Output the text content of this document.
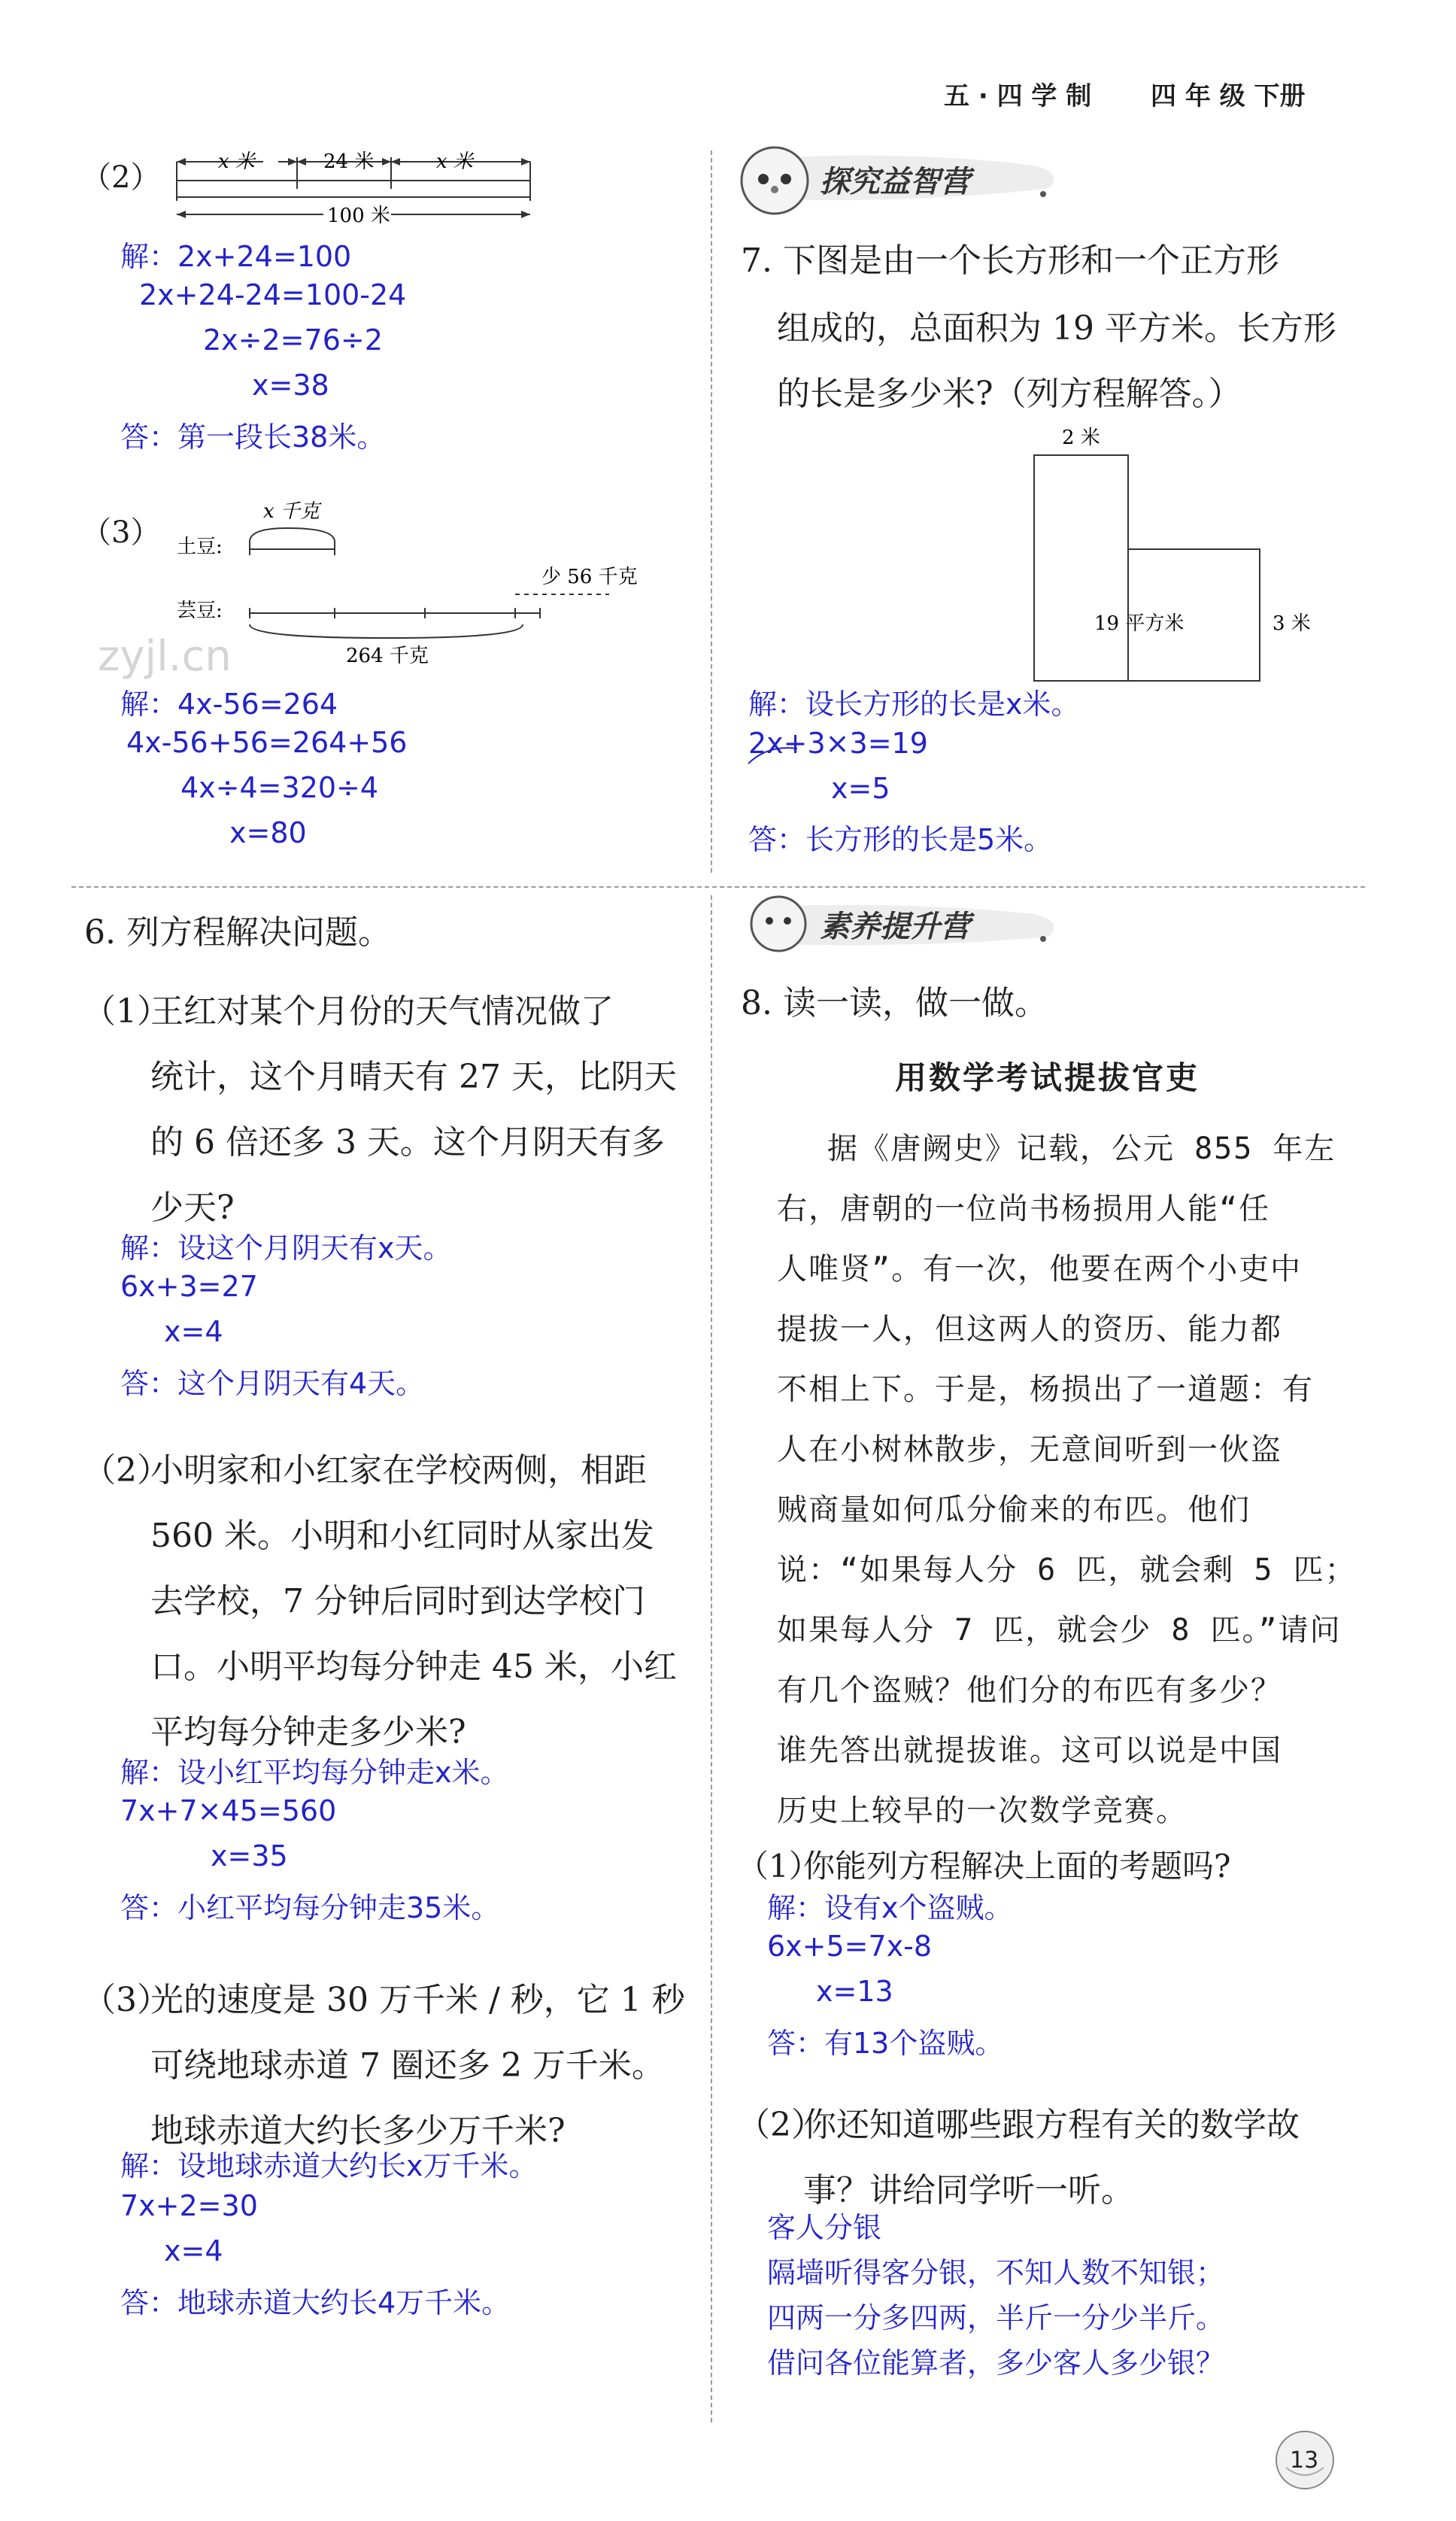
五 · 四 学 制 四 年 级 下册
（2）	x 米	24 米	x 米
100 米
解：2x+24=100
2x+24-24=100-24
2x÷2=76÷2
x=38
答：第一段长38米。
（3）
x 千克
土豆:
芸豆:
少 56 千克
264 千克
zyjl.cn
解：4x-56=264
4x-56+56=264+56
4x÷4=320÷4
x=80
6. 列方程解决问题。
（1）
王红对某个月份的天气情况做了
统计，这个月晴天有 27 天，比阴天
的 6 倍还多 3 天。这个月阴天有多
少天?
解：设这个月阴天有x天。
6x+3=27
x=4
答：这个月阴天有4天。
（2）
小明家和小红家在学校两侧，相距
560 米。小明和小红同时从家出发
去学校，7 分钟后同时到达学校门
口。小明平均每分钟走 45 米，小红
平均每分钟走多少米?
解：设小红平均每分钟走x米。
7x+7×45=560
x=35
答：小红平均每分钟走35米。
（3）
光的速度是 30 万千米 / 秒，它 1 秒
可绕地球赤道 7 圈还多 2 万千米。
地球赤道大约长多少万千米?
解：设地球赤道大约长x万千米。
7x+2=30
x=4
答：地球赤道大约长4万千米。
探究益智营
7. 下图是由一个长方形和一个正方形
组成的，总面积为 19 平方米。长方形
的长是多少米?（列方程解答。）
2 米
19 平方米	3 米
解：设长方形的长是x米。
2x+3×3=19
x=5
答：长方形的长是5米。
素养提升营
8. 读一读，做一做。
用数学考试提拔官吏
据《唐阙史》记载，公元 855 年左
右，唐朝的一位尚书杨损用人能“任
人唯贤”。有一次，他要在两个小吏中
提拔一人，但这两人的资历、能力都
不相上下。于是，杨损出了一道题：有
人在小树林散步，无意间听到一伙盗
贼商量如何瓜分偷来的布匹。他们
说：“如果每人分 6 匹，就会剩 5 匹；
如果每人分 7 匹，就会少 8 匹。”请问
有几个盗贼？他们分的布匹有多少？
谁先答出就提拔谁。这可以说是中国
历史上较早的一次数学竞赛。
（1）
你能列方程解决上面的考题吗?
解：设有x个盗贼。
6x+5=7x-8
x=13
答：有13个盗贼。
（2）
你还知道哪些跟方程有关的数学故
事？讲给同学听一听。
客人分银
隔墙听得客分银，不知人数不知银；
四两一分多四两，半斤一分少半斤。
借问各位能算者，多少客人多少银？
13
